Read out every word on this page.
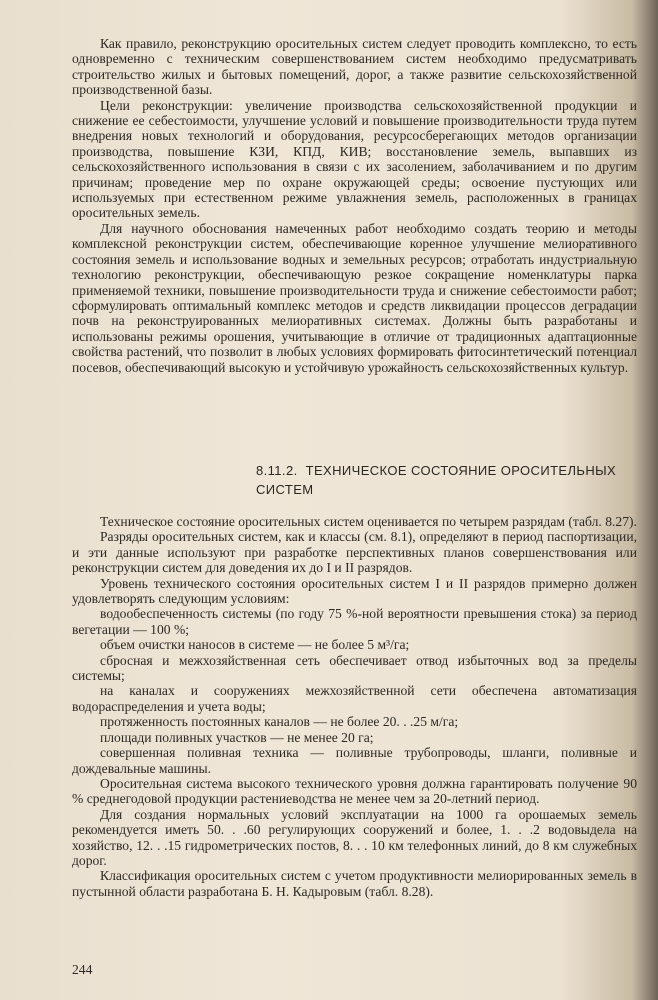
Как правило, реконструкцию оросительных систем следует проводить комплексно, то есть одновременно с техническим совершенствованием систем необходимо предусматривать строительство жилых и бытовых помещений, дорог, а также развитие сельскохозяйственной производственной базы.

Цели реконструкции: увеличение производства сельскохозяйственной продукции и снижение ее себестоимости, улучшение условий и повышение производительности труда путем внедрения новых технологий и оборудования, ресурсосберегающих методов организации производства, повышение КЗИ, КПД, КИВ; восстановление земель, выпавших из сельскохозяйственного использования в связи с их засолением, заболачиванием и по другим причинам; проведение мер по охране окружающей среды; освоение пустующих или используемых при естественном режиме увлажнения земель, расположенных в границах оросительных земель.

Для научного обоснования намеченных работ необходимо создать теорию и методы комплексной реконструкции систем, обеспечивающие коренное улучшение мелиоративного состояния земель и использование водных и земельных ресурсов; отработать индустриальную технологию реконструкции, обеспечивающую резкое сокращение номенклатуры парка применяемой техники, повышение производительности труда и снижение себестоимости работ; сформулировать оптимальный комплекс методов и средств ликвидации процессов деградации почв на реконструированных мелиоративных системах. Должны быть разработаны и использованы режимы орошения, учитывающие в отличие от традиционных адаптационные свойства растений, что позволит в любых условиях формировать фитосинтетический потенциал посевов, обеспечивающий высокую и устойчивую урожайность сельскохозяйственных культур.

8.11.2. ТЕХНИЧЕСКОЕ СОСТОЯНИЕ ОРОСИТЕЛЬНЫХ СИСТЕМ

Техническое состояние оросительных систем оценивается по четырем разрядам (табл. 8.27).

Разряды оросительных систем, как и классы (см. 8.1), определяют в период паспортизации, и эти данные используют при разработке перспективных планов совершенствования или реконструкции систем для доведения их до I и II разрядов.

Уровень технического состояния оросительных систем I и II разрядов примерно должен удовлетворять следующим условиям:

водообеспеченность системы (по году 75 %-ной вероятности превышения стока) за период вегетации — 100 %;

объем очистки наносов в системе — не более 5 м³/га;

сбросная и межхозяйственная сеть обеспечивает отвод избыточных вод за пределы системы;

на каналах и сооружениях межхозяйственной сети обеспечена автоматизация водораспределения и учета воды;

протяженность постоянных каналов — не более 20. . .25 м/га;

площади поливных участков — не менее 20 га;

совершенная поливная техника — поливные трубопроводы, шланги, поливные и дождевальные машины.

Оросительная система высокого технического уровня должна гарантировать получение 90 % среднегодовой продукции растениеводства не менее чем за 20-летний период.

Для создания нормальных условий эксплуатации на 1000 га орошаемых земель рекомендуется иметь 50. . .60 регулирующих сооружений и более, 1. . .2 водовыдела на хозяйство, 12. . .15 гидрометрических постов, 8. . . 10 км телефонных линий, до 8 км служебных дорог.

Классификация оросительных систем с учетом продуктивности мелиорированных земель в пустынной области разработана Б. Н. Кадыровым (табл. 8.28).

244
